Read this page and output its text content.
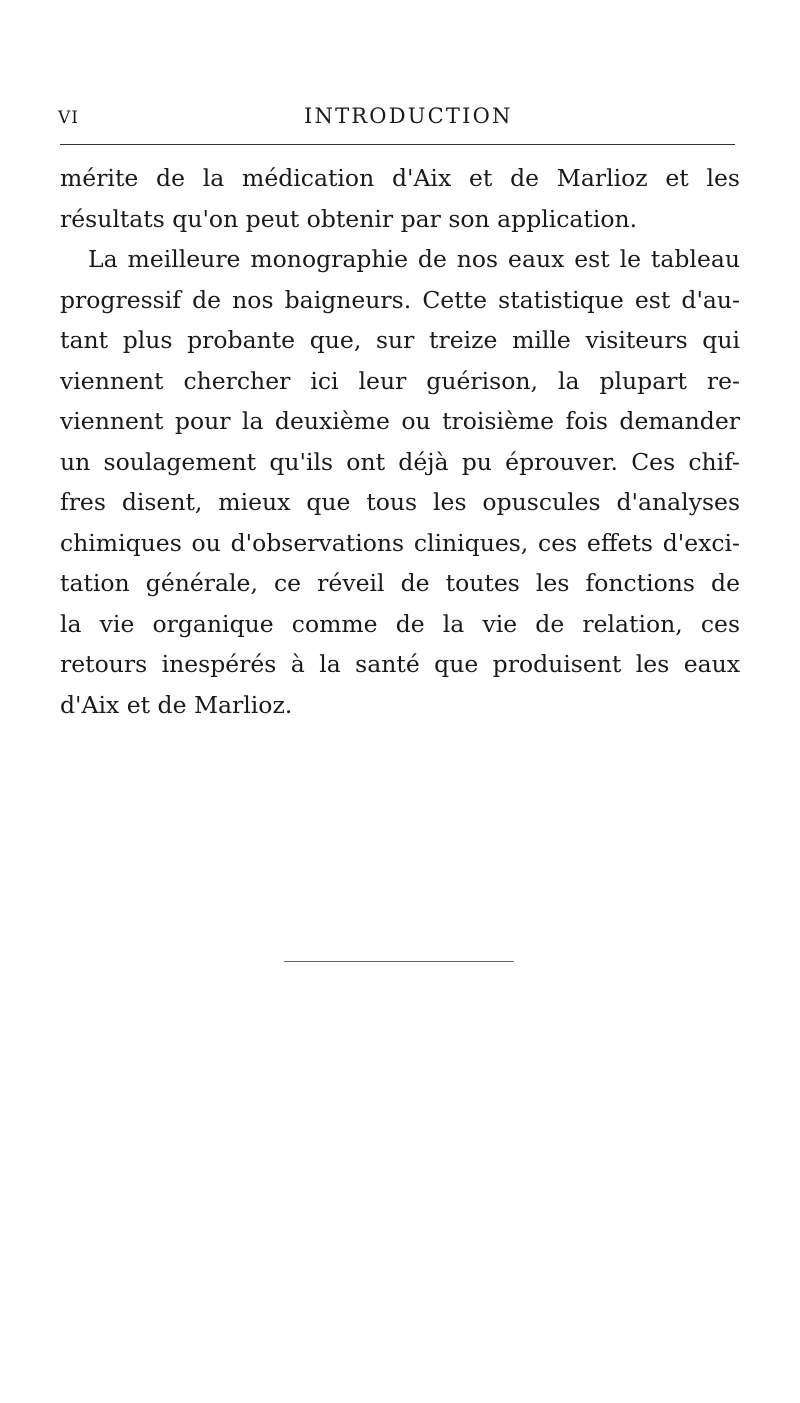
VI	INTRODUCTION
mérite de la médication d'Aix et de Marlioz et les
résultats qu'on peut obtenir par son application.
La meilleure monographie de nos eaux est le tableau
progressif de nos baigneurs. Cette statistique est d'au-
tant plus probante que, sur treize mille visiteurs qui
viennent chercher ici leur guérison, la plupart re-
viennent pour la deuxième ou troisième fois demander
un soulagement qu'ils ont déjà pu éprouver. Ces chif-
fres disent, mieux que tous les opuscules d'analyses
chimiques ou d'observations cliniques, ces effets d'exci-
tation générale, ce réveil de toutes les fonctions de
la vie organique comme de la vie de relation, ces
retours inespérés à la santé que produisent les eaux
d'Aix et de Marlioz.
